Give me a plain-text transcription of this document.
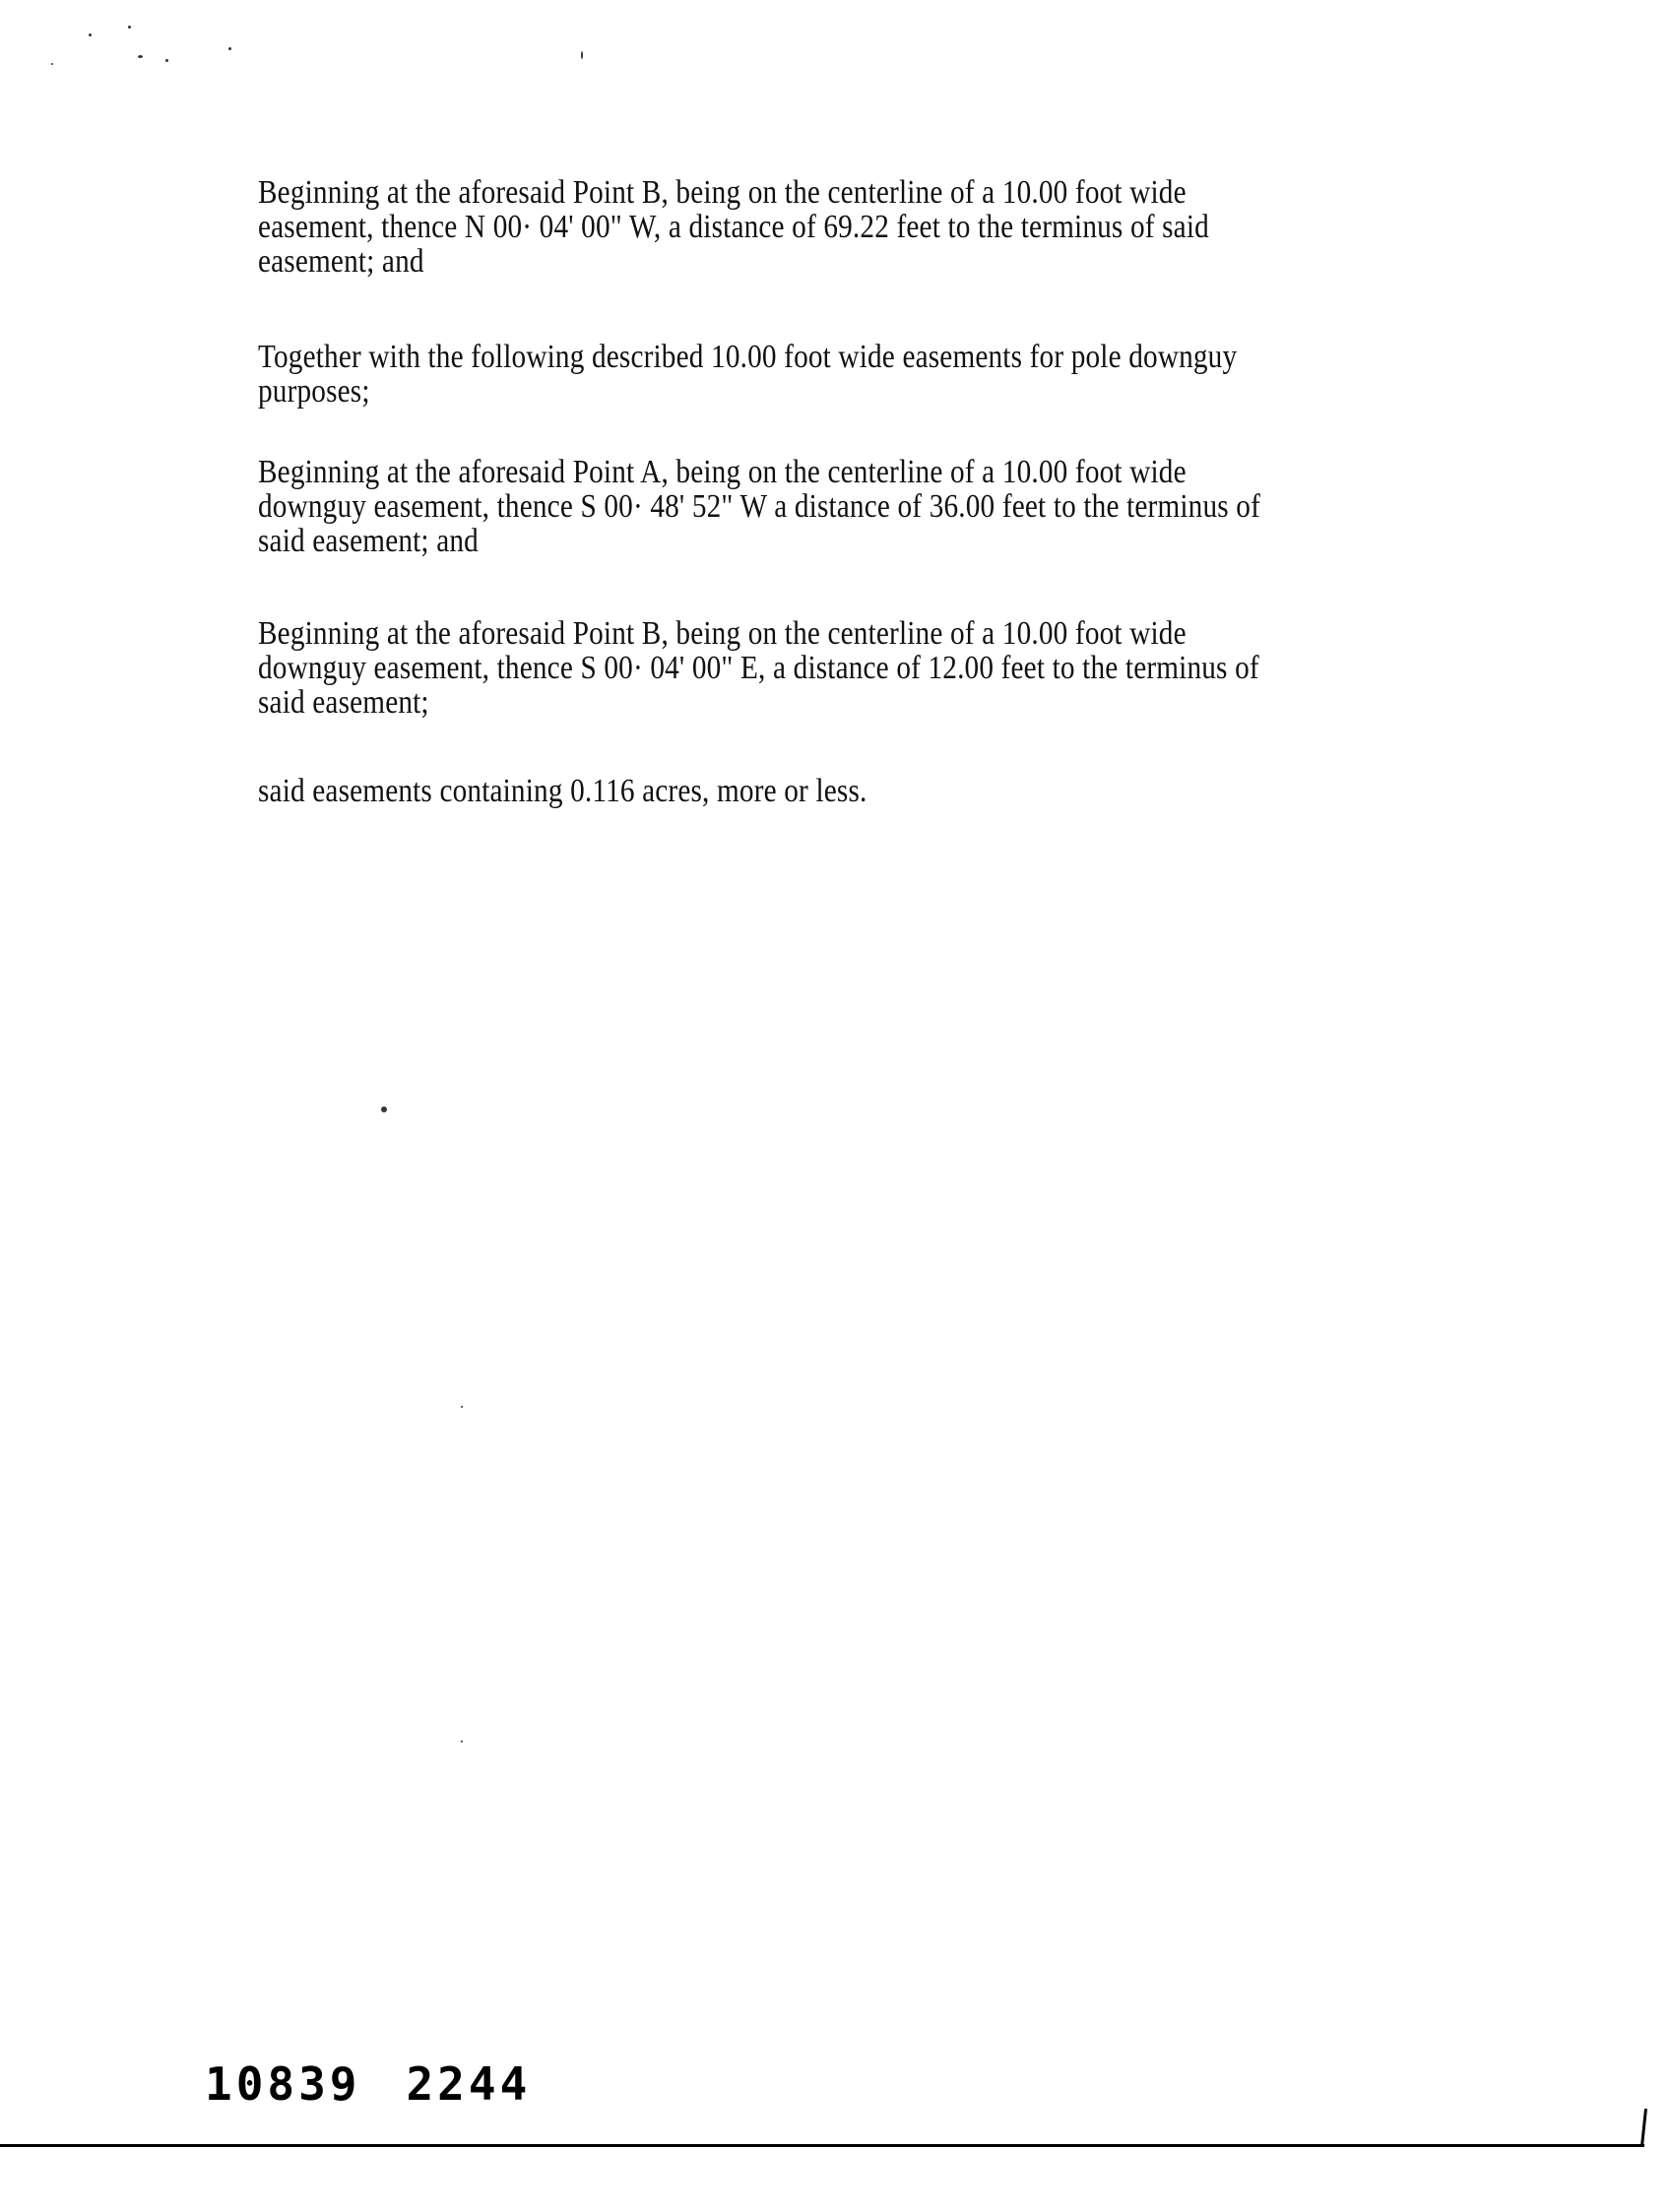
Beginning at the aforesaid Point B, being on the centerline of a 10.00 foot wide
easement, thence N 00· 04' 00" W, a distance of 69.22 feet to the terminus of said
easement; and
Together with the following described 10.00 foot wide easements for pole downguy
purposes;
Beginning at the aforesaid Point A, being on the centerline of a 10.00 foot wide
downguy easement, thence S 00· 48' 52" W a distance of 36.00 feet to the terminus of
said easement; and
Beginning at the aforesaid Point B, being on the centerline of a 10.00 foot wide
downguy easement, thence S 00· 04' 00" E, a distance of 12.00 feet to the terminus of
said easement;
said easements containing 0.116 acres, more or less.
10839 2244
